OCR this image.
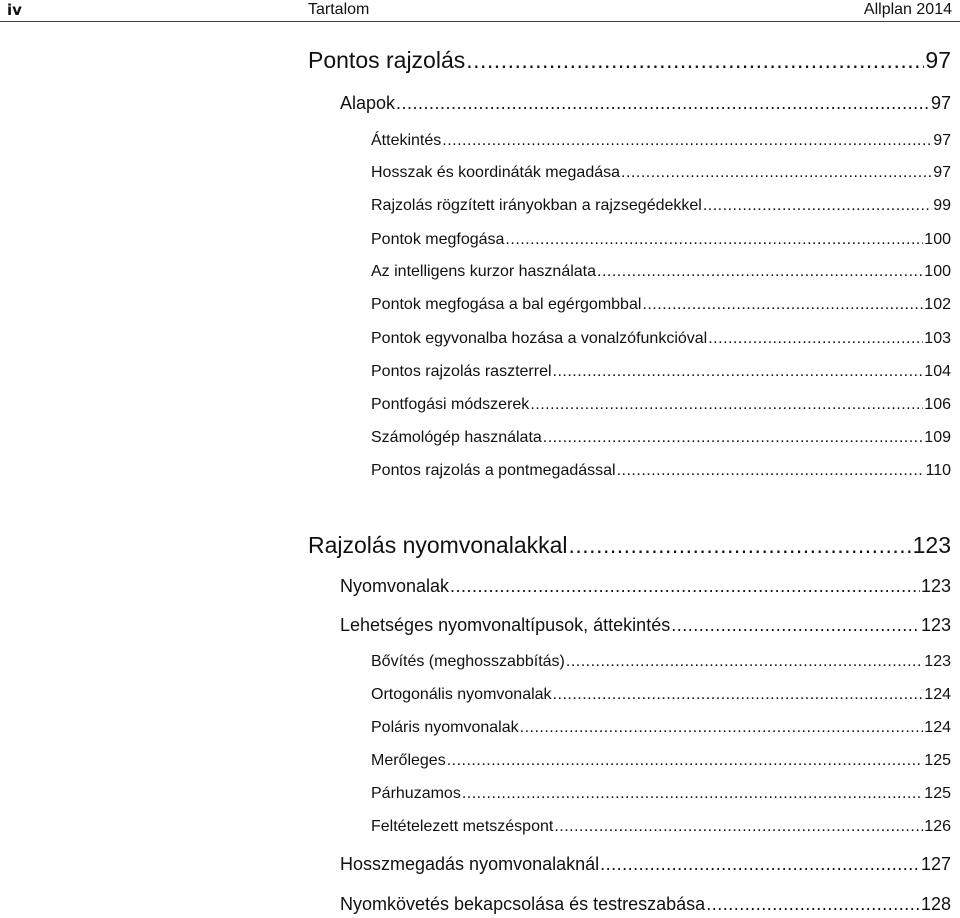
iv	Tartalom	Allplan 2014
Pontos rajzolás .....	97
Alapok .....	97
Áttekintés .....	97
Hosszak és koordináták megadása .....	97
Rajzolás rögzített irányokban a rajzsegédekkel .....	99
Pontok megfogása .....	100
Az intelligens kurzor használata .....	100
Pontok megfogása a bal egérgombbal .....	102
Pontok egyvonalba hozása a vonalzófunkcióval .....	103
Pontos rajzolás raszterrel .....	104
Pontfogási módszerek .....	106
Számológép használata .....	109
Pontos rajzolás a pontmegadással .....	110
Rajzolás nyomvonalakkal .....	123
Nyomvonalak .....	123
Lehetséges nyomvonaltípusok, áttekintés .....	123
Bővítés (meghosszabbítás) .....	123
Ortogonális nyomvonalak .....	124
Poláris nyomvonalak .....	124
Merőleges .....	125
Párhuzamos .....	125
Feltételezett metszéspont .....	126
Hosszmegadás nyomvonalaknál .....	127
Nyomkövetés bekapcsolása és testreszabása .....	128
